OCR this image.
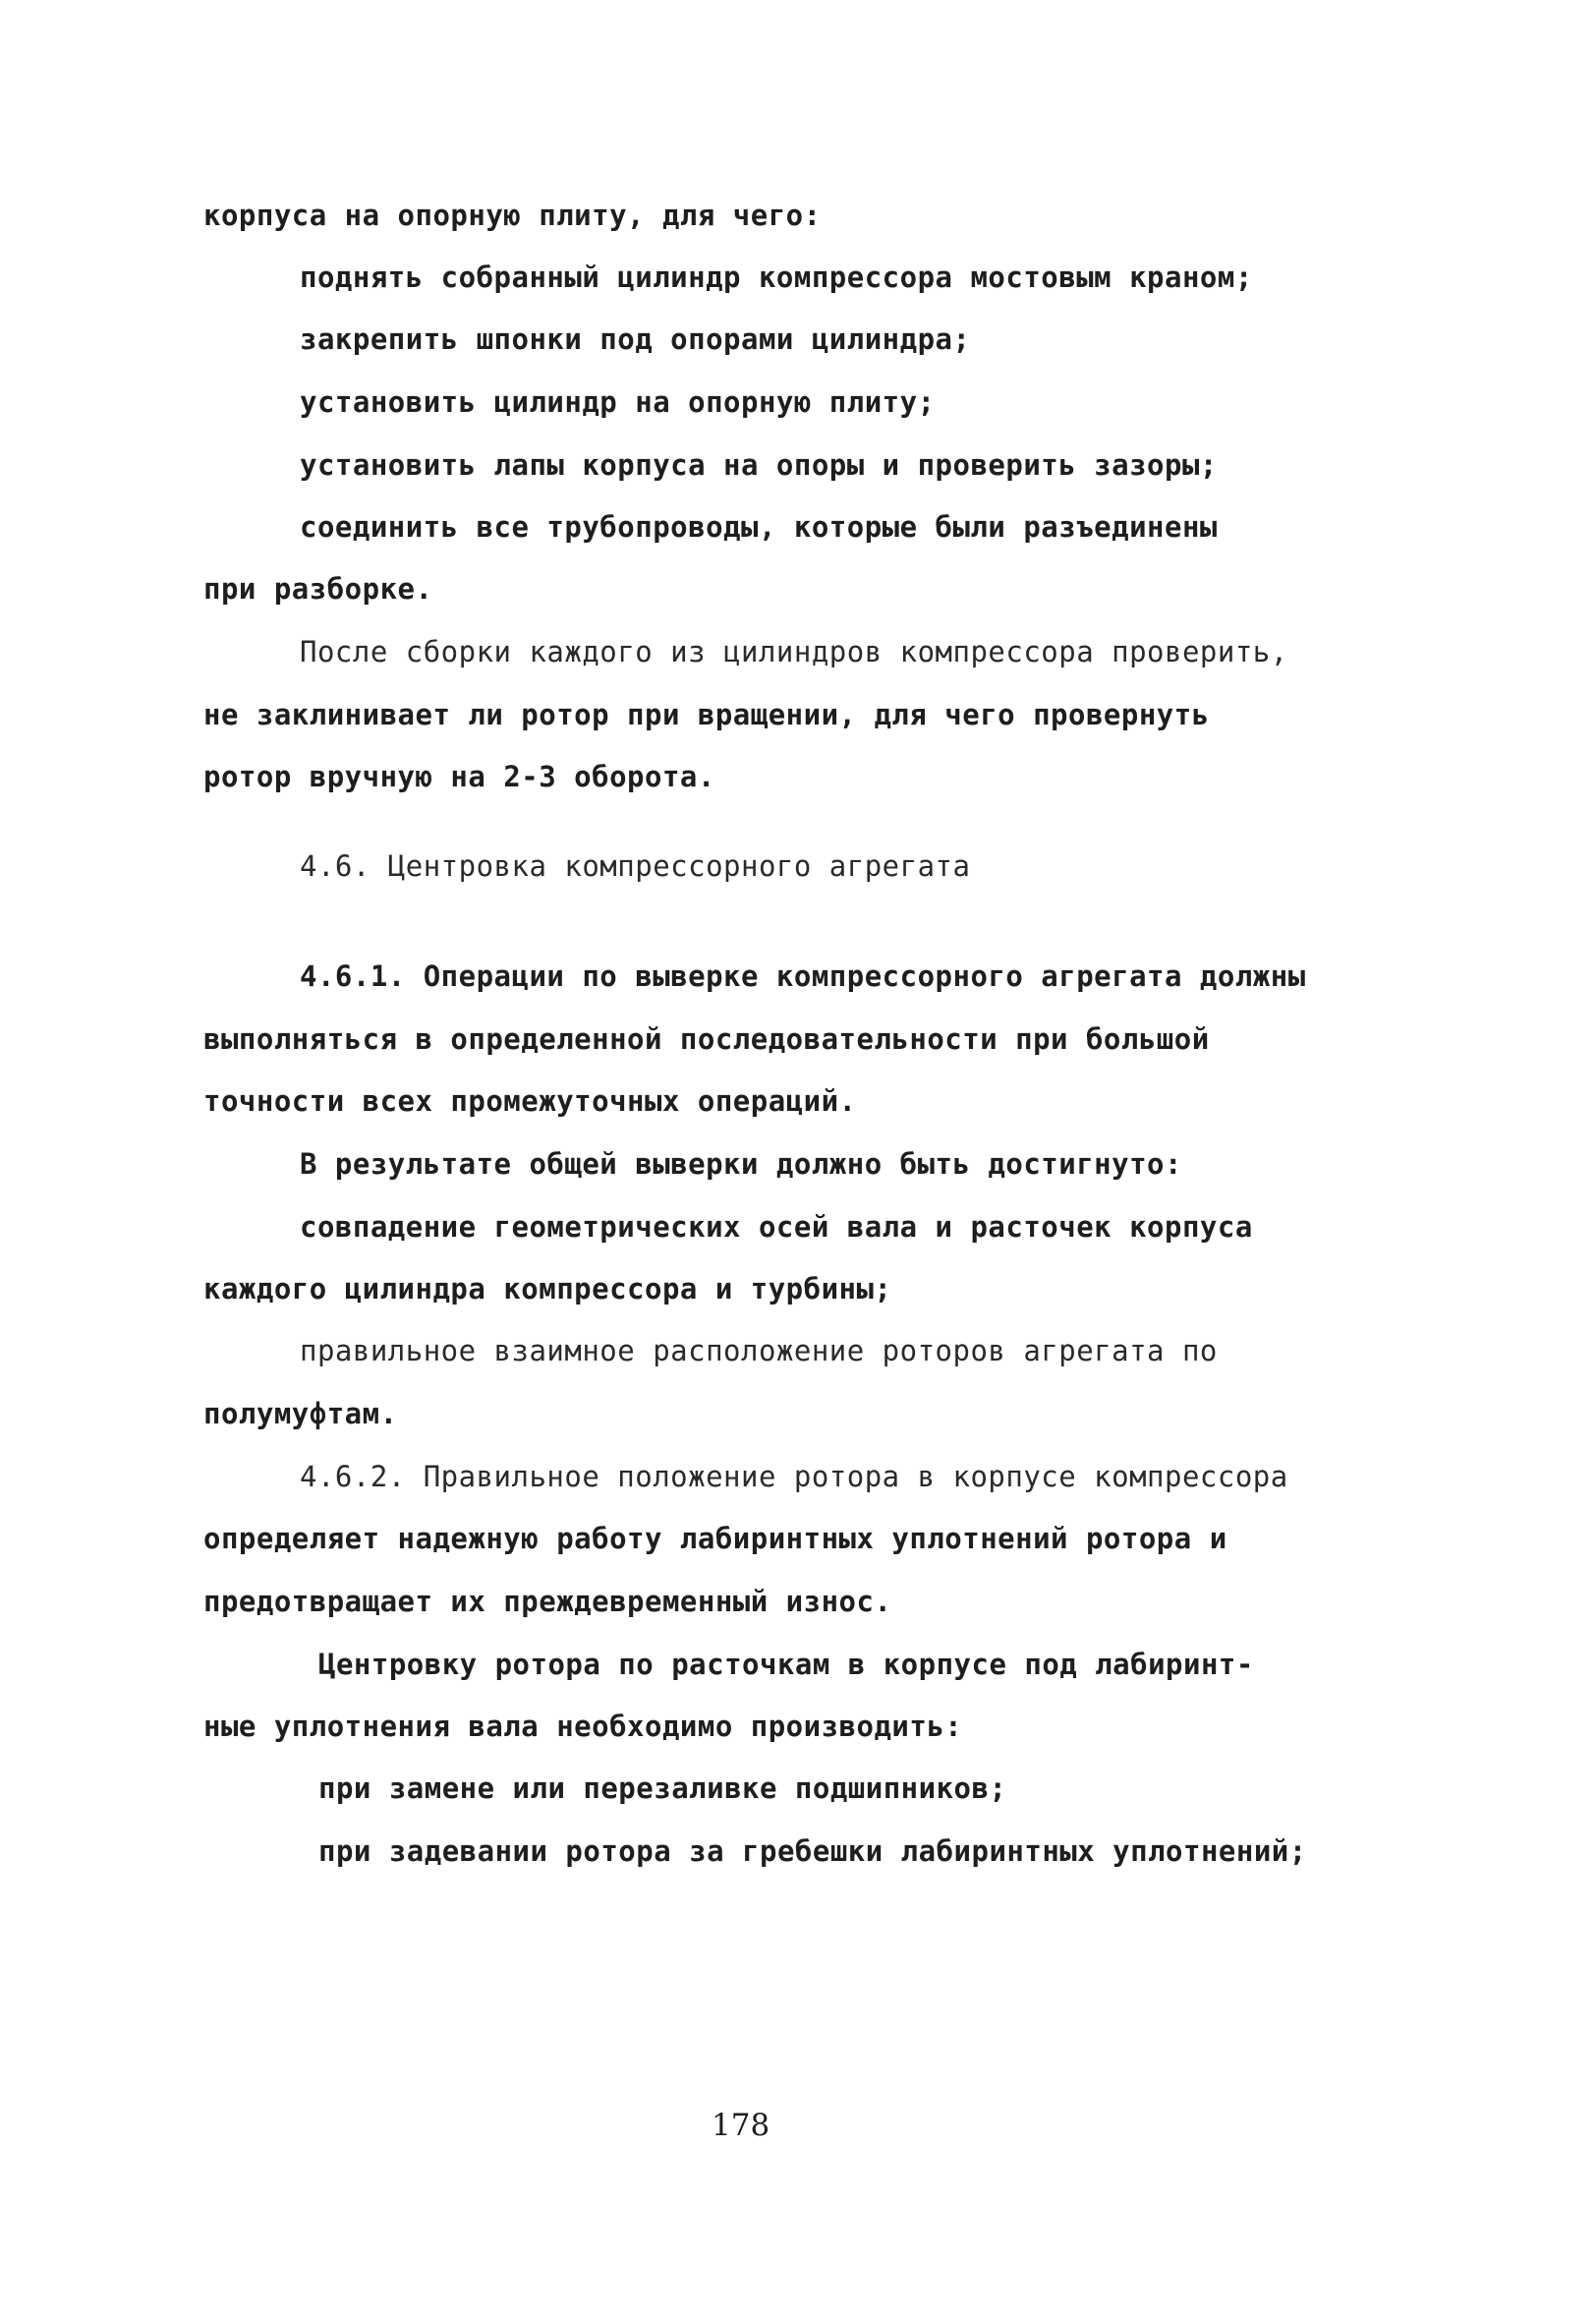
корпуса на опорную плиту, для чего:
поднять собранный цилиндр компрессора мостовым краном;
закрепить шпонки под опорами цилиндра;
установить цилиндр на опорную плиту;
установить лапы корпуса на опоры и проверить зазоры;
соединить все трубопроводы, которые были разъединены
при разборке.
После сборки каждого из цилиндров компрессора проверить,
не заклинивает ли ротор при вращении, для чего провернуть
ротор вручную на 2-3 оборота.
4.6. Центровка компрессорного агрегата
4.6.1. Операции по выверке компрессорного агрегата должны
выполняться в определенной последовательности при большой
точности всех промежуточных операций.
В результате общей выверки должно быть достигнуто:
совпадение геометрических осей вала и расточек корпуса
каждого цилиндра компрессора и турбины;
правильное взаимное расположение роторов агрегата по
полумуфтам.
4.6.2. Правильное положение ротора в корпусе компрессора
определяет надежную работу лабиринтных уплотнений ротора и
предотвращает их преждевременный износ.
Центровку ротора по расточкам в корпусе под лабиринт-
ные уплотнения вала необходимо производить:
при замене или перезаливке подшипников;
при задевании ротора за гребешки лабиринтных уплотнений;
178
